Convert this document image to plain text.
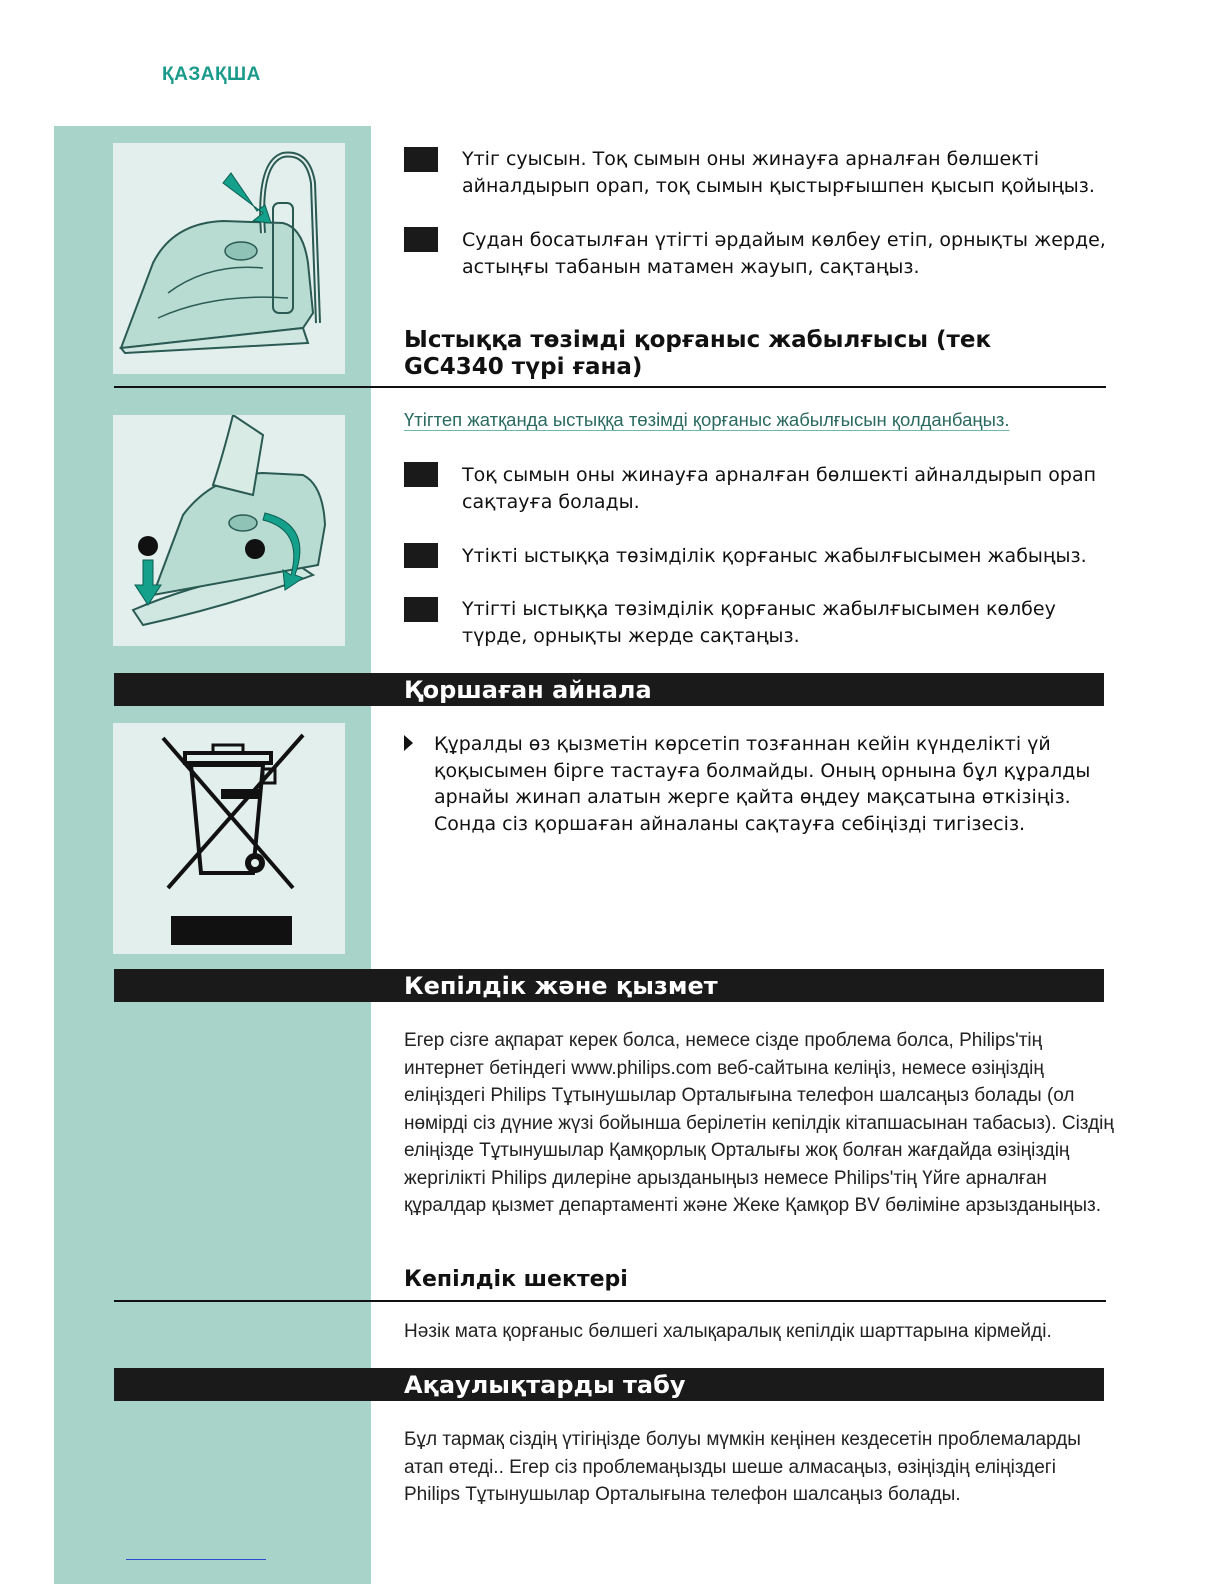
ҚАЗАҚША

Үтіг суысын. Тоқ сымын оны жинауға арналған бөлшекті айналдырып орап, тоқ сымын қыстырғышпен қысып қойыңыз.

Судан босатылған үтігті әрдайым көлбеу етіп, орнықты жерде, астыңғы табанын матамен жауып, сақтаңыз.

Ыстыққа төзімді қорғаныс жабылғысы (тек GC4340 түрі ғана)

Үтігтеп жатқанда ыстыққа төзімді қорғаныс жабылғысын қолданбаңыз.

Тоқ сымын оны жинауға арналған бөлшекті айналдырып орап сақтауға болады.

Үтікті ыстыққа төзімділік қорғаныс жабылғысымен жабыңыз.

Үтігті ыстыққа төзімділік қорғаныс жабылғысымен көлбеу түрде, орнықты жерде сақтаңыз.

Қоршаған айнала

Құралды өз қызметін көрсетіп тозғаннан кейін күнделікті үй қоқысымен бірге тастауға болмайды. Оның орнына бұл құралды арнайы жинап алатын жерге қайта өңдеу мақсатына өткізіңіз. Сонда сіз қоршаған айналаны сақтауға себіңізді тигізесіз.

Кепілдік және қызмет

Егер сізге ақпарат керек болса, немесе сізде проблема болса, Philips'тің интернет бетіндегі www.philips.com веб-сайтына келіңіз, немесе өзіңіздің еліңіздегі Philips Тұтынушылар Орталығына телефон шалсаңыз болады (ол нөмірді сіз дүние жүзі бойынша берілетін кепілдік кітапшасынан табасыз). Сіздің еліңізде Тұтынушылар Қамқорлық Орталығы жоқ болған жағдайда өзіңіздің жергілікті Philips дилеріне арызданыңыз немесе Philips'тің Үйге арналған құралдар қызмет департаменті және Жеке Қамқор BV бөліміне арзызданыңыз.

Кепілдік шектері

Нәзік мата қорғаныс бөлшегі халықаралық кепілдік шарттарына кірмейді.

Ақаулықтарды табу

Бұл тармақ сіздің үтігіңізде болуы мүмкін кеңінен кездесетін проблемаларды атап өтеді.. Егер сіз проблемаңызды шеше алмасаңыз, өзіңіздің еліңіздегі Philips Тұтынушылар Орталығына телефон шалсаңыз болады.
